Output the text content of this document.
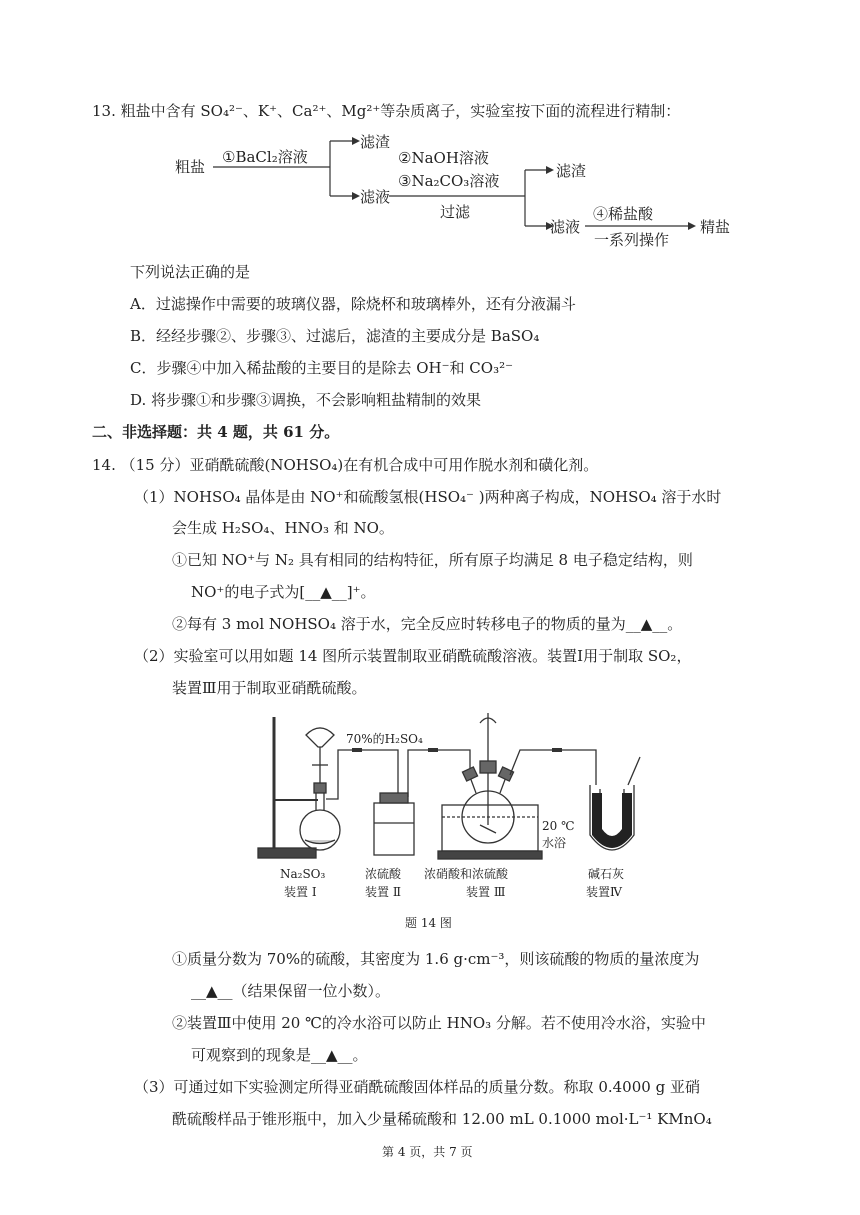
13. 粗盐中含有 SO₄²⁻、K⁺、Ca²⁺、Mg²⁺等杂质离子，实验室按下面的流程进行精制：
粗盐
①BaCl₂溶液
滤渣
滤液
②NaOH溶液
③Na₂CO₃溶液
过滤
滤渣
滤液
④稀盐酸
一系列操作
精盐
下列说法正确的是
A．过滤操作中需要的玻璃仪器，除烧杯和玻璃棒外，还有分液漏斗
B．经经步骤②、步骤③、过滤后，滤渣的主要成分是 BaSO₄
C．步骤④中加入稀盐酸的主要目的是除去 OH⁻和 CO₃²⁻
D. 将步骤①和步骤③调换，不会影响粗盐精制的效果
二、非选择题：共 4 题，共 61 分。
14. （15 分）亚硝酰硫酸(NOHSO₄)在有机合成中可用作脱水剂和磺化剂。
（1）NOHSO₄ 晶体是由 NO⁺和硫酸氢根(HSO₄⁻ )两种离子构成，NOHSO₄ 溶于水时
会生成 H₂SO₄、HNO₃ 和 NO。
①已知 NO⁺与 N₂ 具有相同的结构特征，所有原子均满足 8 电子稳定结构，则
NO⁺的电子式为[__▲__]⁺。
②每有 3 mol NOHSO₄ 溶于水，完全反应时转移电子的物质的量为__▲__。
（2）实验室可以用如题 14 图所示装置制取亚硝酰硫酸溶液。装置Ⅰ用于制取 SO₂，
装置Ⅲ用于制取亚硝酰硫酸。
70%的H₂SO₄
20 ℃
水浴
Na₂SO₃
装置 Ⅰ
浓硫酸
装置 Ⅱ
浓硝酸和浓硫酸
装置 Ⅲ
碱石灰
装置Ⅳ
题 14 图
①质量分数为 70%的硫酸，其密度为 1.6 g·cm⁻³，则该硫酸的物质的量浓度为
__▲__（结果保留一位小数）。
②装置Ⅲ中使用 20 ℃的冷水浴可以防止 HNO₃ 分解。若不使用冷水浴，实验中
可观察到的现象是__▲__。
（3）可通过如下实验测定所得亚硝酰硫酸固体样品的质量分数。称取 0.4000 g 亚硝
酰硫酸样品于锥形瓶中，加入少量稀硫酸和 12.00 mL 0.1000 mol·L⁻¹ KMnO₄
第 4 页，共 7 页
